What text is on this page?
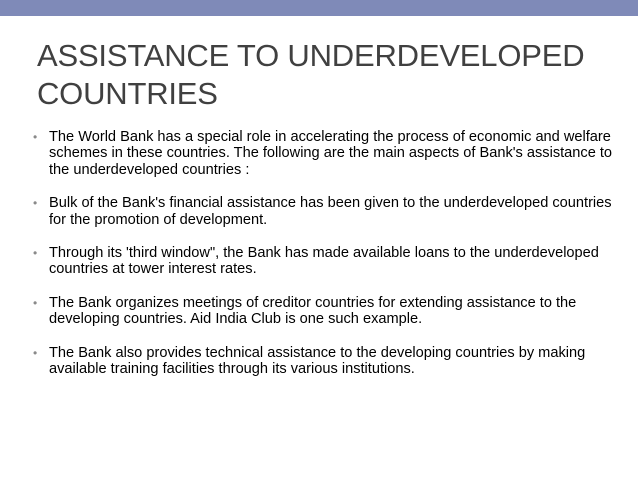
ASSISTANCE TO UNDERDEVELOPED
COUNTRIES
• The World Bank has a special role in accelerating the process of economic and welfare schemes in these countries. The following are the main aspects of Bank's assistance to the underdeveloped countries :
• Bulk of the Bank's financial assistance has been given to the underdeveloped countries for the promotion of development.
• Through its 'third window", the Bank has made available loans to the underdeveloped countries at tower interest rates.
• The Bank organizes meetings of creditor countries for extending assistance to the developing countries. Aid India Club is one such example.
• The Bank also provides technical assistance to the developing countries by making available training facilities through its various institutions.
